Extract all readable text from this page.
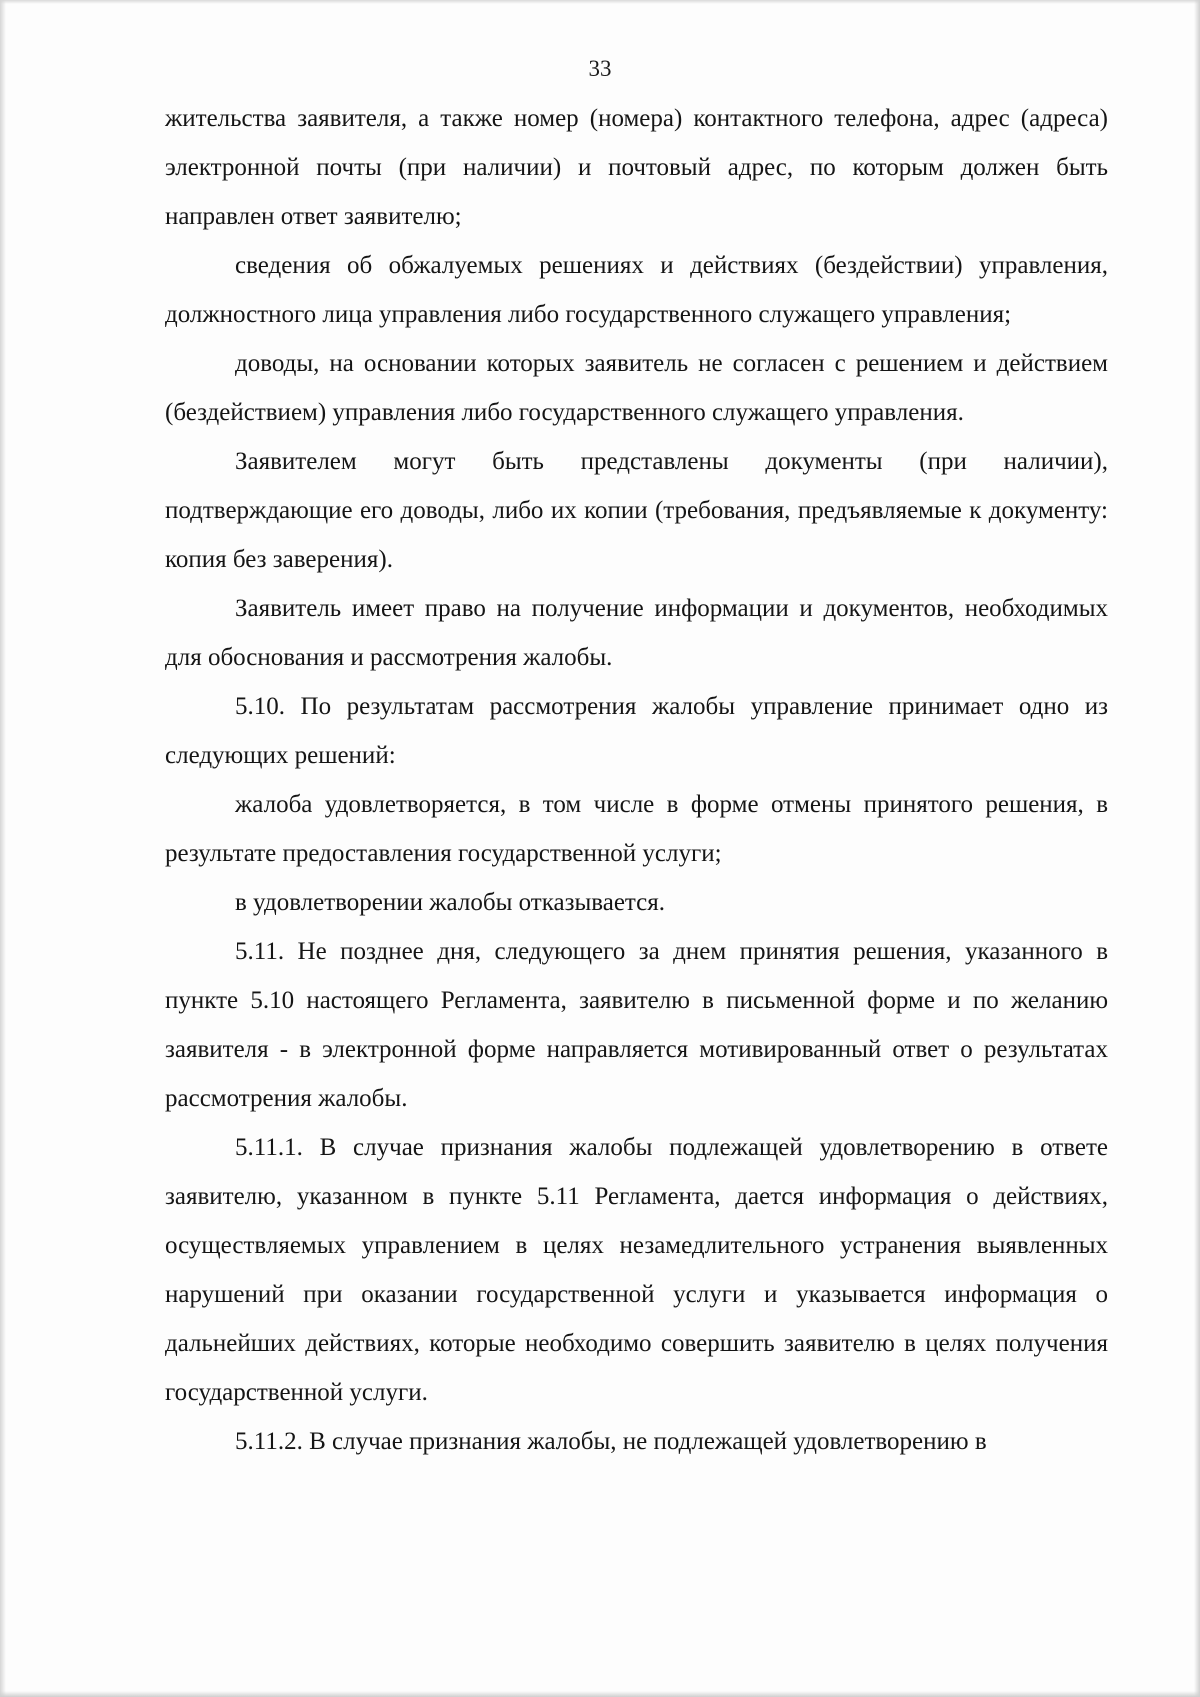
33

жительства заявителя, а также номер (номера) контактного телефона, адрес (адреса) электронной почты (при наличии) и почтовый адрес, по которым должен быть направлен ответ заявителю;

сведения об обжалуемых решениях и действиях (бездействии) управления, должностного лица управления либо государственного служащего управления;

доводы, на основании которых заявитель не согласен с решением и действием (бездействием) управления либо государственного служащего управления.

Заявителем могут быть представлены документы (при наличии), подтверждающие его доводы, либо их копии (требования, предъявляемые к документу: копия без заверения).

Заявитель имеет право на получение информации и документов, необходимых для обоснования и рассмотрения жалобы.

5.10. По результатам рассмотрения жалобы управление принимает одно из следующих решений:

жалоба удовлетворяется, в том числе в форме отмены принятого решения, в результате предоставления государственной услуги;

в удовлетворении жалобы отказывается.

5.11. Не позднее дня, следующего за днем принятия решения, указанного в пункте 5.10 настоящего Регламента, заявителю в письменной форме и по желанию заявителя - в электронной форме направляется мотивированный ответ о результатах рассмотрения жалобы.

5.11.1. В случае признания жалобы подлежащей удовлетворению в ответе заявителю, указанном в пункте 5.11 Регламента, дается информация о действиях, осуществляемых управлением в целях незамедлительного устранения выявленных нарушений при оказании государственной услуги и указывается информация о дальнейших действиях, которые необходимо совершить заявителю в целях получения государственной услуги.

5.11.2. В случае признания жалобы, не подлежащей удовлетворению в
